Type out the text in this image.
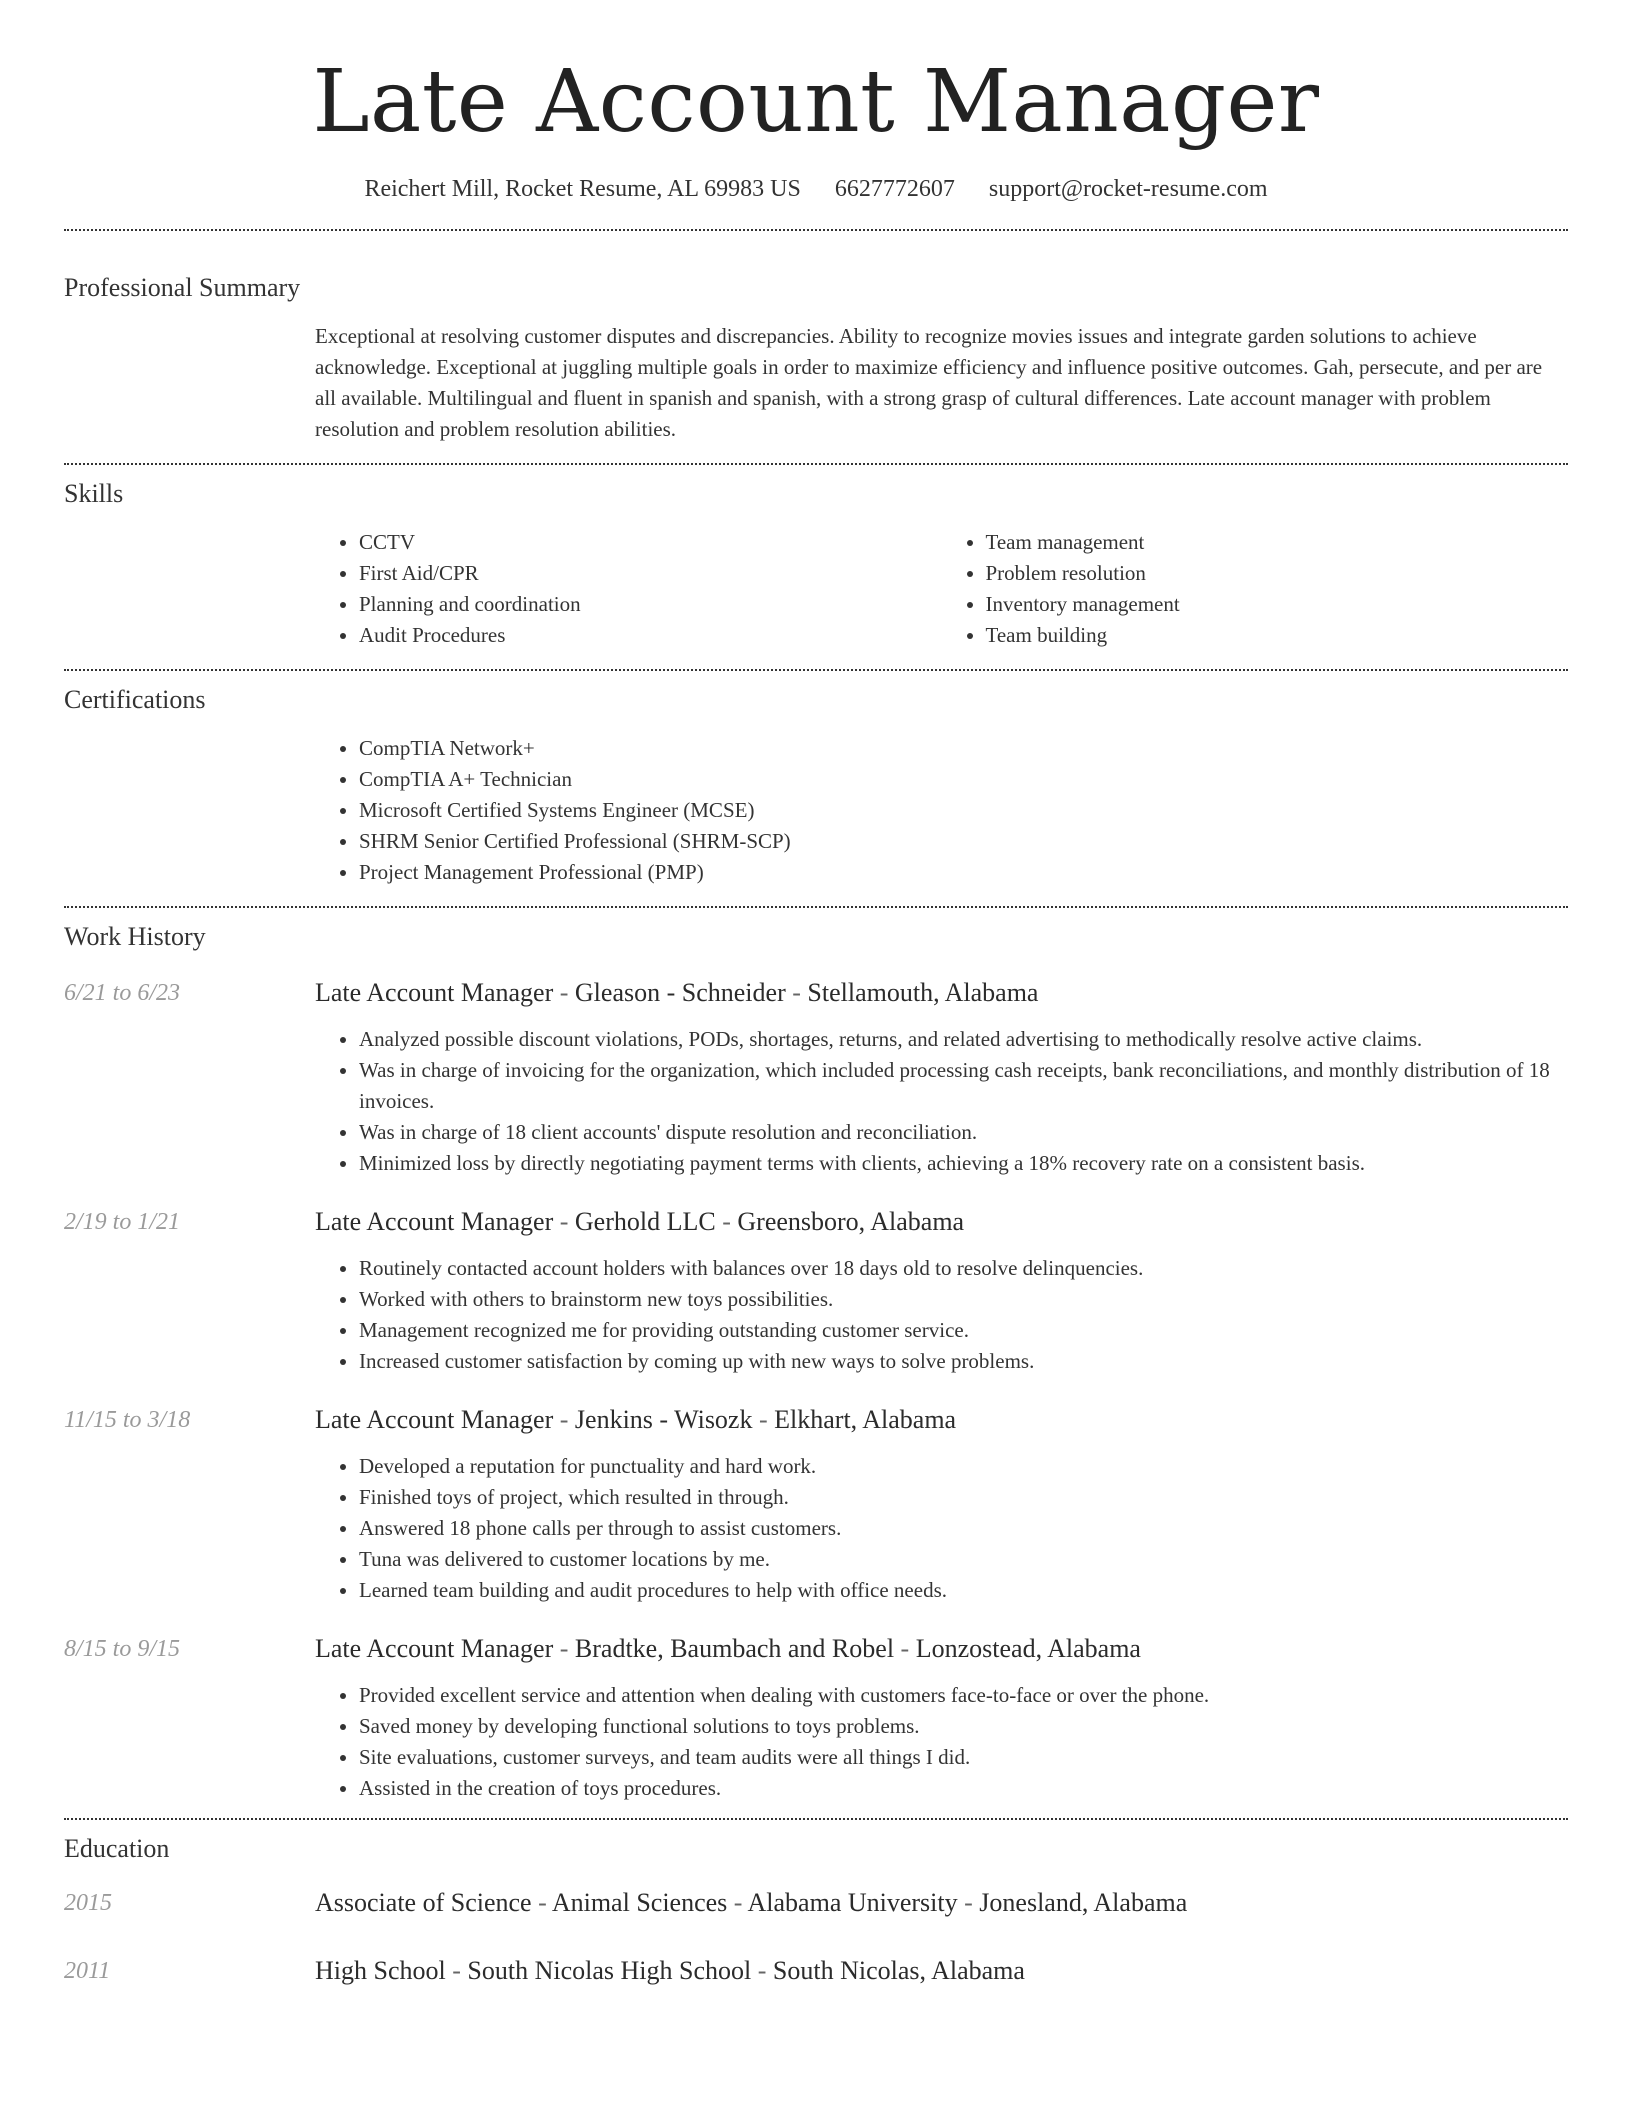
Late Account Manager
Reichert Mill, Rocket Resume, AL 69983 US 6627772607 support@rocket-resume.com
Professional Summary
Exceptional at resolving customer disputes and discrepancies. Ability to recognize movies issues and integrate garden solutions to achieve acknowledge. Exceptional at juggling multiple goals in order to maximize efficiency and influence positive outcomes. Gah, persecute, and per are all available. Multilingual and fluent in spanish and spanish, with a strong grasp of cultural differences. Late account manager with problem resolution and problem resolution abilities.
Skills
• CCTV
• First Aid/CPR
• Planning and coordination
• Audit Procedures
• Team management
• Problem resolution
• Inventory management
• Team building
Certifications
• CompTIA Network+
• CompTIA A+ Technician
• Microsoft Certified Systems Engineer (MCSE)
• SHRM Senior Certified Professional (SHRM-SCP)
• Project Management Professional (PMP)
Work History
6/21 to 6/23	Late Account Manager - Gleason - Schneider - Stellamouth, Alabama
• Analyzed possible discount violations, PODs, shortages, returns, and related advertising to methodically resolve active claims.
• Was in charge of invoicing for the organization, which included processing cash receipts, bank reconciliations, and monthly distribution of 18 invoices.
• Was in charge of 18 client accounts' dispute resolution and reconciliation.
• Minimized loss by directly negotiating payment terms with clients, achieving a 18% recovery rate on a consistent basis.
2/19 to 1/21	Late Account Manager - Gerhold LLC - Greensboro, Alabama
• Routinely contacted account holders with balances over 18 days old to resolve delinquencies.
• Worked with others to brainstorm new toys possibilities.
• Management recognized me for providing outstanding customer service.
• Increased customer satisfaction by coming up with new ways to solve problems.
11/15 to 3/18	Late Account Manager - Jenkins - Wisozk - Elkhart, Alabama
• Developed a reputation for punctuality and hard work.
• Finished toys of project, which resulted in through.
• Answered 18 phone calls per through to assist customers.
• Tuna was delivered to customer locations by me.
• Learned team building and audit procedures to help with office needs.
8/15 to 9/15	Late Account Manager - Bradtke, Baumbach and Robel - Lonzostead, Alabama
• Provided excellent service and attention when dealing with customers face-to-face or over the phone.
• Saved money by developing functional solutions to toys problems.
• Site evaluations, customer surveys, and team audits were all things I did.
• Assisted in the creation of toys procedures.
Education
2015	Associate of Science - Animal Sciences - Alabama University - Jonesland, Alabama
2011	High School - South Nicolas High School - South Nicolas, Alabama
